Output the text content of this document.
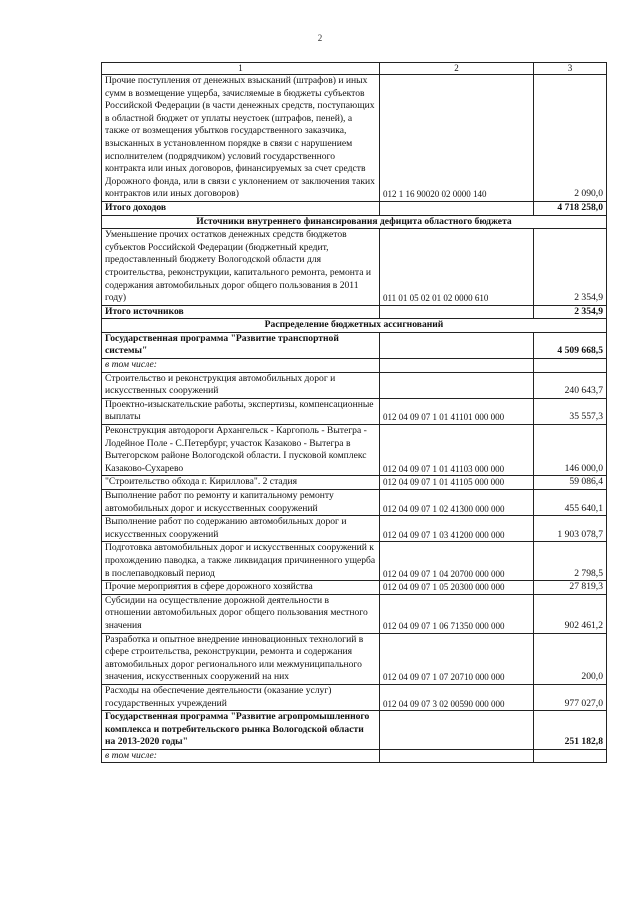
2
1	2	3
Прочие поступления от денежных взысканий (штрафов) и иных сумм в возмещение ущерба, зачисляемые в бюджеты субъектов Российской Федерации (в части денежных средств, поступающих в областной бюджет от уплаты неустоек (штрафов, пеней), а также от возмещения убытков государственного заказчика, взысканных в установленном порядке в связи с нарушением исполнителем (подрядчиком) условий государственного контракта или иных договоров, финансируемых за счет средств Дорожного фонда, или в связи с уклонением от заключения таких контрактов или иных договоров)	012 1 16 90020 02 0000 140	2 090,0
Итого доходов		4 718 258,0
Источники внутреннего финансирования дефицита областного бюджета		
Уменьшение прочих остатков денежных средств бюджетов субъектов Российской Федерации (бюджетный кредит, предоставленный бюджету Вологодской области для строительства, реконструкции, капитального ремонта, ремонта и содержания автомобильных дорог общего пользования в 2011 году)	011 01 05 02 01 02 0000 610	2 354,9
Итого источников		2 354,9
Распределение бюджетных ассигнований		
Государственная программа "Развитие транспортной системы"		4 509 668,5
в том числе:		
Строительство и реконструкция автомобильных дорог и искусственных сооружений		240 643,7
Проектно-изыскательские работы, экспертизы, компенсационные выплаты	012 04 09 07 1 01 41101 000 000	35 557,3
Реконструкция автодороги Архангельск - Каргополь - Вытегра - Лодейное Поле - С.Петербург, участок Казаково - Вытегра в Вытегорском районе Вологодской области. I пусковой комплекс Казаково-Сухарево	012 04 09 07 1 01 41103 000 000	146 000,0
"Строительство обхода г. Кириллова". 2 стадия	012 04 09 07 1 01 41105 000 000	59 086,4
Выполнение работ по ремонту и капитальному ремонту автомобильных дорог и искусственных сооружений	012 04 09 07 1 02 41300 000 000	455 640,1
Выполнение работ по содержанию автомобильных дорог и искусственных сооружений	012 04 09 07 1 03 41200 000 000	1 903 078,7
Подготовка автомобильных дорог и искусственных сооружений к прохождению паводка, а также ликвидация причиненного ущерба в послепаводковый период	012 04 09 07 1 04 20700 000 000	2 798,5
Прочие мероприятия в сфере дорожного хозяйства	012 04 09 07 1 05 20300 000 000	27 819,3
Субсидии на осуществление дорожной деятельности в отношении автомобильных дорог общего пользования местного значения	012 04 09 07 1 06 71350 000 000	902 461,2
Разработка и опытное внедрение инновационных технологий в сфере строительства, реконструкции, ремонта и содержания автомобильных дорог регионального или межмуниципального значения, искусственных сооружений на них	012 04 09 07 1 07 20710 000 000	200,0
Расходы на обеспечение деятельности (оказание услуг) государственных учреждений	012 04 09 07 3 02 00590 000 000	977 027,0
Государственная программа "Развитие агропромышленного комплекса и потребительского рынка Вологодской области на 2013-2020 годы"		251 182,8
в том числе:		
